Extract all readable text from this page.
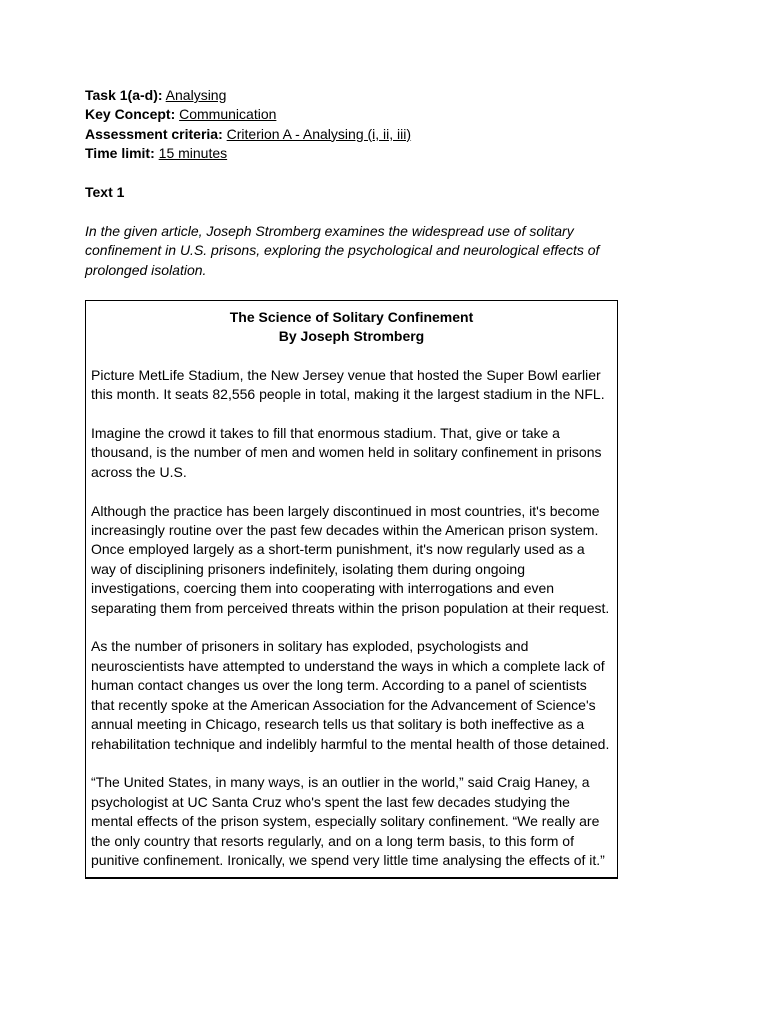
Task 1(a-d): Analysing

Key Concept: Communication

Assessment criteria: Criterion A - Analysing (i, ii, iii)

Time limit: 15 minutes

Text 1

In the given article, Joseph Stromberg examines the widespread use of solitary confinement in U.S. prisons, exploring the psychological and neurological effects of prolonged isolation.

The Science of Solitary Confinement

By Joseph Stromberg

Picture MetLife Stadium, the New Jersey venue that hosted the Super Bowl earlier this month. It seats 82,556 people in total, making it the largest stadium in the NFL.

Imagine the crowd it takes to fill that enormous stadium. That, give or take a thousand, is the number of men and women held in solitary confinement in prisons across the U.S.

Although the practice has been largely discontinued in most countries, it's become increasingly routine over the past few decades within the American prison system. Once employed largely as a short-term punishment, it's now regularly used as a way of disciplining prisoners indefinitely, isolating them during ongoing investigations, coercing them into cooperating with interrogations and even separating them from perceived threats within the prison population at their request.

As the number of prisoners in solitary has exploded, psychologists and neuroscientists have attempted to understand the ways in which a complete lack of human contact changes us over the long term. According to a panel of scientists that recently spoke at the American Association for the Advancement of Science's annual meeting in Chicago, research tells us that solitary is both ineffective as a rehabilitation technique and indelibly harmful to the mental health of those detained.

“The United States, in many ways, is an outlier in the world,” said Craig Haney, a psychologist at UC Santa Cruz who's spent the last few decades studying the mental effects of the prison system, especially solitary confinement. “We really are the only country that resorts regularly, and on a long term basis, to this form of punitive confinement. Ironically, we spend very little time analysing the effects of it.”
